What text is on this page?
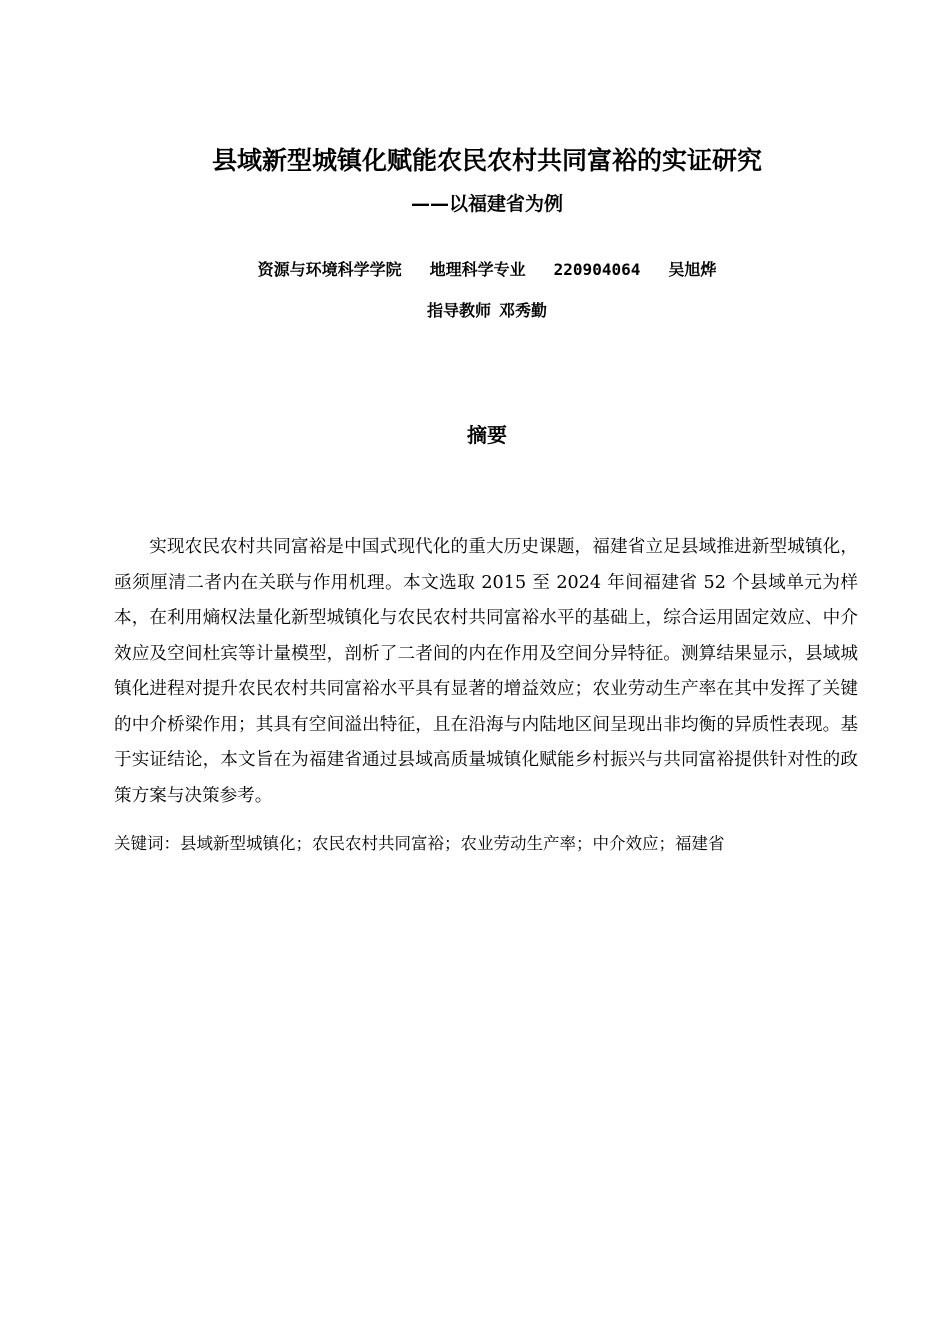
县域新型城镇化赋能农民农村共同富裕的实证研究
——以福建省为例
资源与环境科学学院 地理科学专业 220904064 吴旭烨
指导教师 邓秀勤
摘要

实现农民农村共同富裕是中国式现代化的重大历史课题，福建省立足县域推进新型城镇化，亟须厘清二者内在关联与作用机理。本文选取 2015 至 2024 年间福建省 52 个县域单元为样本，在利用熵权法量化新型城镇化与农民农村共同富裕水平的基础上，综合运用固定效应、中介效应及空间杜宾等计量模型，剖析了二者间的内在作用及空间分异特征。测算结果显示，县域城镇化进程对提升农民农村共同富裕水平具有显著的增益效应；农业劳动生产率在其中发挥了关键的中介桥梁作用；其具有空间溢出特征，且在沿海与内陆地区间呈现出非均衡的异质性表现。基于实证结论，本文旨在为福建省通过县域高质量城镇化赋能乡村振兴与共同富裕提供针对性的政策方案与决策参考。

关键词：县域新型城镇化；农民农村共同富裕；农业劳动生产率；中介效应；福建省
